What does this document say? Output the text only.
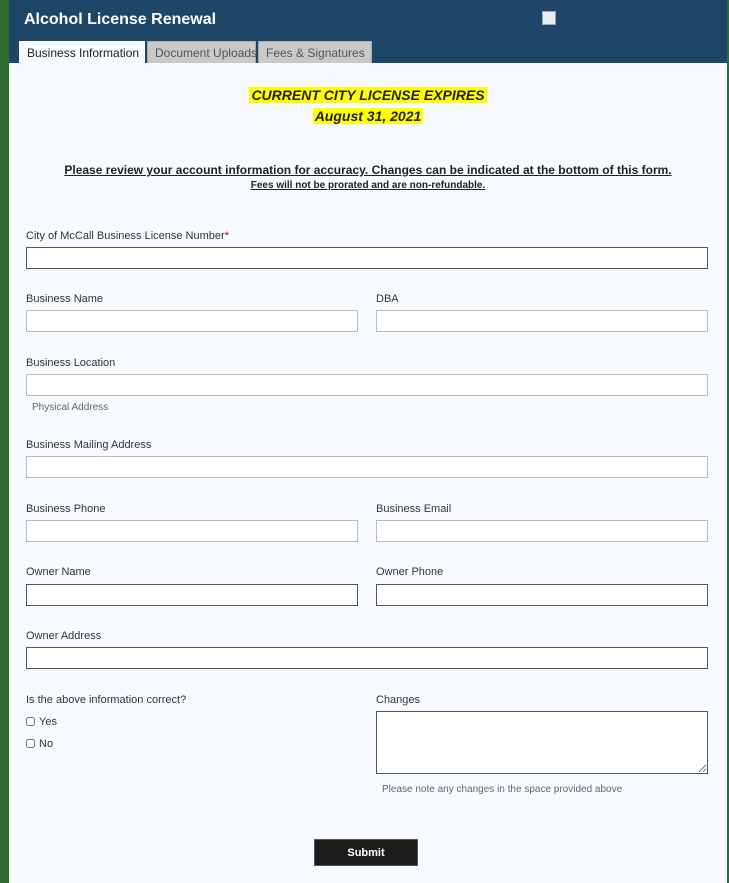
Alcohol License Renewal
Business Information	Document Uploads Fees & Signatures
CURRENT CITY LICENSE EXPIRES
August 31, 2021
Please review your account information for accuracy. Changes can be indicated at the bottom of this form.
Fees will not be prorated and are non-refundable.
City of McCall Business License Number*
Business Name	DBA
Business Location
Physical Address
Business Mailing Address
Business Phone	Business Email
Owner Name	Owner Phone
Owner Address
Is the above information correct?
Yes
No
Changes
Please note any changes in the space provided above
Submit
